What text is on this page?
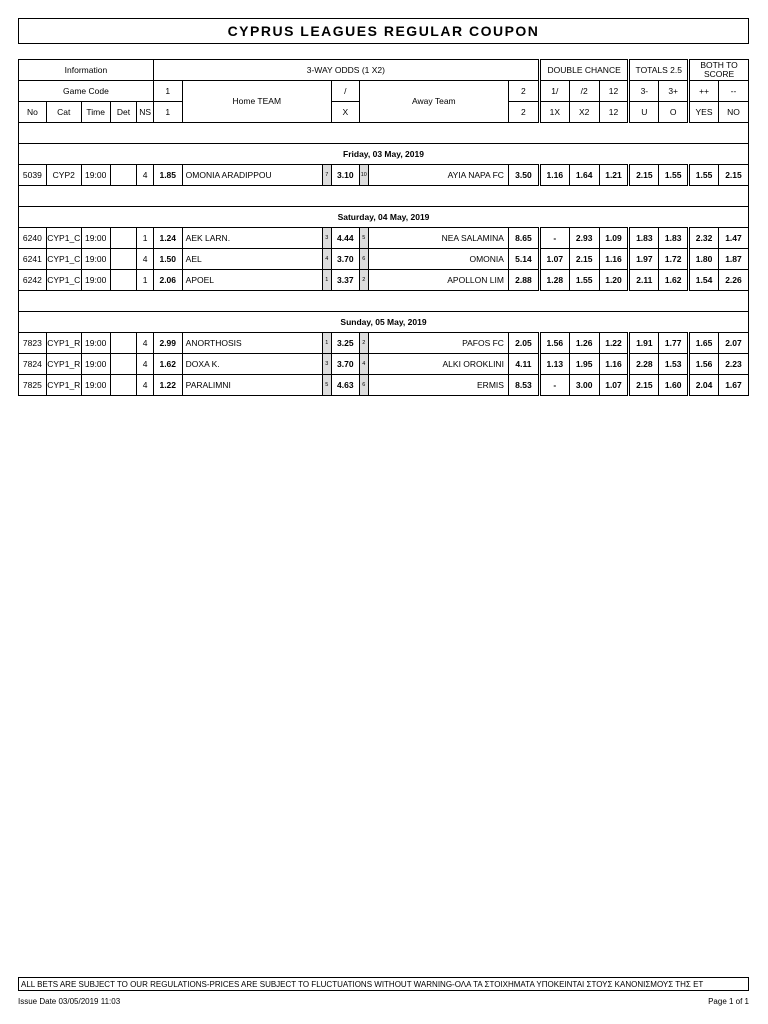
CYPRUS LEAGUES REGULAR COUPON
Information					3-WAY ODDS (1 X2)							DOUBLE CHANCE			TOTALS 2.5		BOTH TO SCORE	
Game Code					1	Home TEAM		/	Away Team		2	1/	/2	12	3-	3+	++	--
No	Cat	Time	Det	NS	1			X			2	1X	X2	12	U	O	YES	NO

Friday, 03 May, 2019																		
5039	CYP2	19:00		4	1.85	OMONIA ARADIPPOU	7	3.10	10	AYIA NAPA FC	3.50	1.16	1.64	1.21	2.15	1.55	1.55	2.15

Saturday, 04 May, 2019																		
6240	CYP1_C	19:00		1	1.24	AEK LARN.	3	4.44	5	NEA SALAMINA	8.65	-	2.93	1.09	1.83	1.83	2.32	1.47
6241	CYP1_C	19:00		4	1.50	AEL	4	3.70	6	OMONIA	5.14	1.07	2.15	1.16	1.97	1.72	1.80	1.87
6242	CYP1_C	19:00		1	2.06	APOEL	1	3.37	2	APOLLON LIM	2.88	1.28	1.55	1.20	2.11	1.62	1.54	2.26

Sunday, 05 May, 2019																		
7823	CYP1_R	19:00		4	2.99	ANORTHOSIS	1	3.25	2	PAFOS FC	2.05	1.56	1.26	1.22	1.91	1.77	1.65	2.07
7824	CYP1_R	19:00		4	1.62	DOXA K.	3	3.70	4	ALKI OROKLINI	4.11	1.13	1.95	1.16	2.28	1.53	1.56	2.23
7825	CYP1_R	19:00		4	1.22	PARALIMNI	5	4.63	6	ERMIS	8.53	-	3.00	1.07	2.15	1.60	2.04	1.67
ALL BETS ARE SUBJECT TO OUR REGULATIONS-PRICES ARE SUBJECT TO FLUCTUATIONS WITHOUT WARNING-ΟΛΑ ΤΑ ΣΤΟΙΧΗΜΑΤΑ ΥΠΟΚΕΙΝΤΑΙ ΣΤΟΥΣ ΚΑΝΟΝΙΣΜΟΥΣ ΤΗΣ ΕΤ
Issue Date 03/05/2019 11:03	Page 1 of 1
